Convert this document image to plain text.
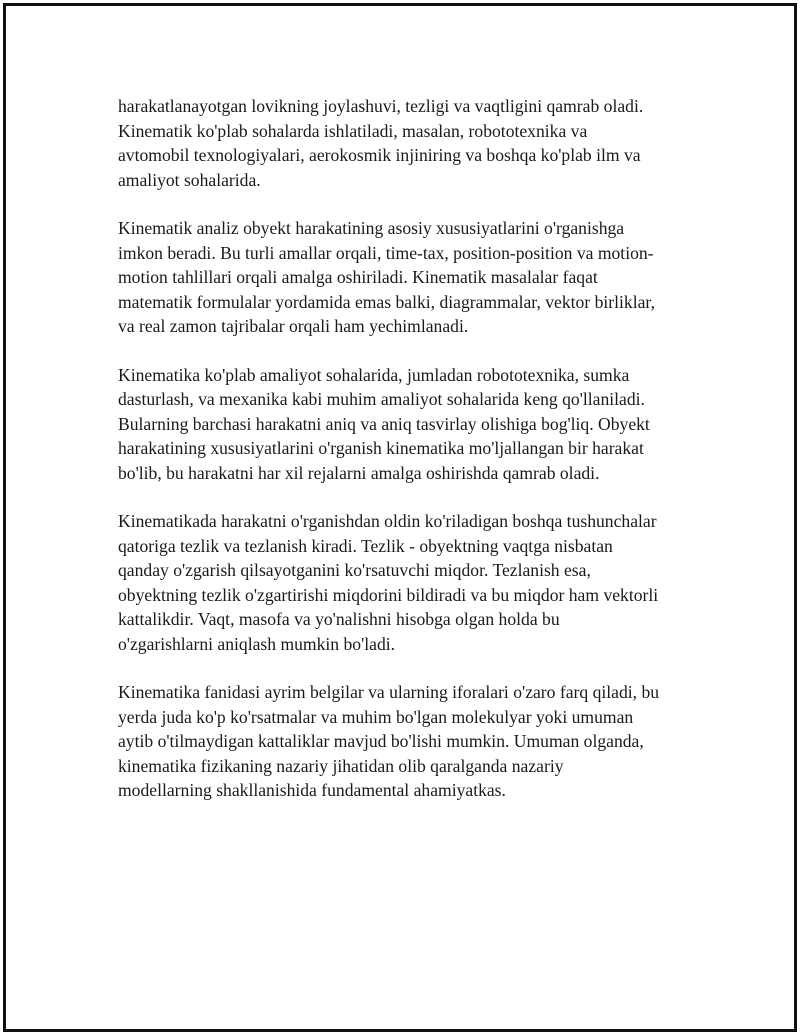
harakatlanayotgan lovikning joylashuvi, tezligi va vaqtligini qamrab oladi.
Kinematik ko'plab sohalarda ishlatiladi, masalan, robototexnika va
avtomobil texnologiyalari, aerokosmik injiniring va boshqa ko'plab ilm va
amaliyot sohalarida.

Kinematik analiz obyekt harakatining asosiy xususiyatlarini o'rganishga
imkon beradi. Bu turli amallar orqali, time-tax, position-position va motion-
motion tahlillari orqali amalga oshiriladi. Kinematik masalalar faqat
matematik formulalar yordamida emas balki, diagrammalar, vektor birliklar,
va real zamon tajribalar orqali ham yechimlanadi.

Kinematika ko'plab amaliyot sohalarida, jumladan robototexnika, sumka
dasturlash, va mexanika kabi muhim amaliyot sohalarida keng qo'llaniladi.
Bularning barchasi harakatni aniq va aniq tasvirlay olishiga bog'liq. Obyekt
harakatining xususiyatlarini o'rganish kinematika mo'ljallangan bir harakat
bo'lib, bu harakatni har xil rejalarni amalga oshirishda qamrab oladi.

Kinematikada harakatni o'rganishdan oldin ko'riladigan boshqa tushunchalar
qatoriga tezlik va tezlanish kiradi. Tezlik - obyektning vaqtga nisbatan
qanday o'zgarish qilsayotganini ko'rsatuvchi miqdor. Tezlanish esa,
obyektning tezlik o'zgartirishi miqdorini bildiradi va bu miqdor ham vektorli
kattalikdir. Vaqt, masofa va yo'nalishni hisobga olgan holda bu
o'zgarishlarni aniqlash mumkin bo'ladi.

Kinematika fanidasi ayrim belgilar va ularning iforalari o'zaro farq qiladi, bu
yerda juda ko'p ko'rsatmalar va muhim bo'lgan molekulyar yoki umuman
aytib o'tilmaydigan kattaliklar mavjud bo'lishi mumkin. Umuman olganda,
kinematika fizikaning nazariy jihatidan olib qaralganda nazariy
modellarning shakllanishida fundamental ahamiyatkas.
